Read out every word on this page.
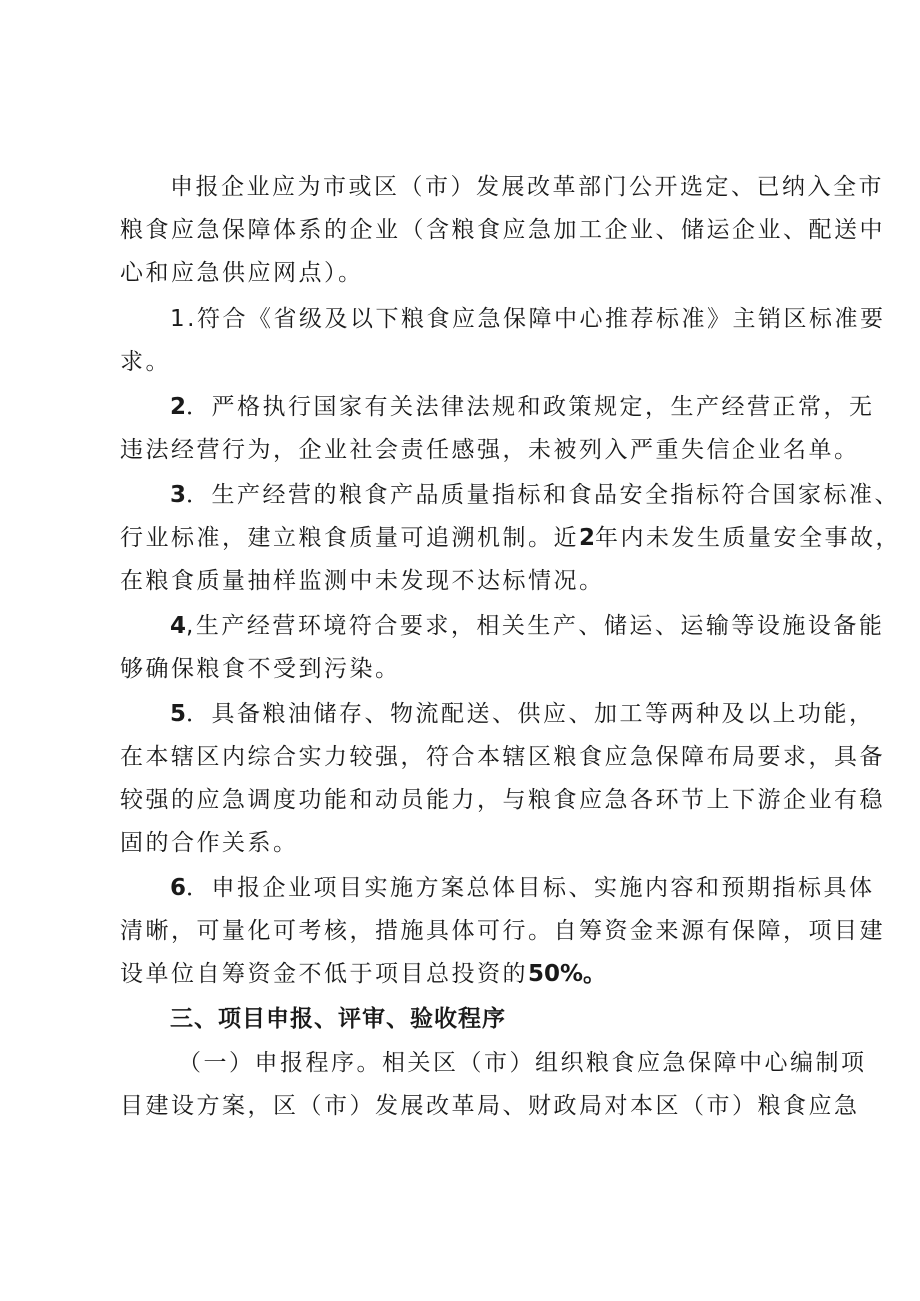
申报企业应为市或区（市）发展改革部门公开选定、已纳入全市
粮食应急保障体系的企业（含粮食应急加工企业、储运企业、配送中
心和应急供应网点）。
1.符合《省级及以下粮食应急保障中心推荐标准》主销区标准要
求。
2．严格执行国家有关法律法规和政策规定，生产经营正常，无
违法经营行为，企业社会责任感强，未被列入严重失信企业名单。
3．生产经营的粮食产品质量指标和食品安全指标符合国家标准、
行业标准，建立粮食质量可追溯机制。近2年内未发生质量安全事故，
在粮食质量抽样监测中未发现不达标情况。
4,生产经营环境符合要求，相关生产、储运、运输等设施设备能
够确保粮食不受到污染。
5．具备粮油储存、物流配送、供应、加工等两种及以上功能，
在本辖区内综合实力较强，符合本辖区粮食应急保障布局要求，具备
较强的应急调度功能和动员能力，与粮食应急各环节上下游企业有稳
固的合作关系。
6．申报企业项目实施方案总体目标、实施内容和预期指标具体
清晰，可量化可考核，措施具体可行。自筹资金来源有保障，项目建
设单位自筹资金不低于项目总投资的50%。
三、项目申报、评审、验收程序
（一）申报程序。相关区（市）组织粮食应急保障中心编制项
目建设方案，区（市）发展改革局、财政局对本区（市）粮食应急
